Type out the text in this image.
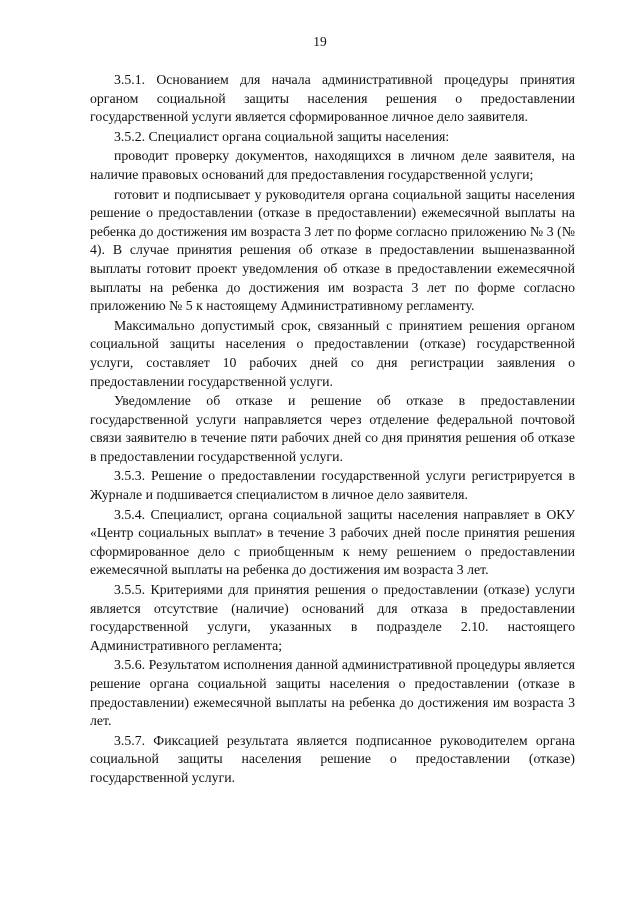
19

3.5.1. Основанием для начала административной процедуры принятия органом социальной защиты населения решения о предоставлении государственной услуги является сформированное личное дело заявителя.

3.5.2. Специалист органа социальной защиты населения:

проводит проверку документов, находящихся в личном деле заявителя, на наличие правовых оснований для предоставления государственной услуги;

готовит и подписывает у руководителя органа социальной защиты населения решение о предоставлении (отказе в предоставлении) ежемесячной выплаты на ребенка до достижения им возраста 3 лет по форме согласно приложению № 3 (№ 4). В случае принятия решения об отказе в предоставлении вышеназванной выплаты готовит проект уведомления об отказе в предоставлении ежемесячной выплаты на ребенка до достижения им возраста 3 лет по форме согласно приложению № 5 к настоящему Административному регламенту.

Максимально допустимый срок, связанный с принятием решения органом социальной защиты населения о предоставлении (отказе) государственной услуги, составляет 10 рабочих дней со дня регистрации заявления о предоставлении государственной услуги.

Уведомление об отказе и решение об отказе в предоставлении государственной услуги направляется через отделение федеральной почтовой связи заявителю в течение пяти рабочих дней со дня принятия решения об отказе в предоставлении государственной услуги.

3.5.3. Решение о предоставлении государственной услуги регистрируется в Журнале и подшивается специалистом в личное дело заявителя.

3.5.4. Специалист, органа социальной защиты населения направляет в ОКУ «Центр социальных выплат» в течение 3 рабочих дней после принятия решения сформированное дело с приобщенным к нему решением о предоставлении ежемесячной выплаты на ребенка до достижения им возраста 3 лет.

3.5.5. Критериями для принятия решения о предоставлении (отказе) услуги является отсутствие (наличие) оснований для отказа в предоставлении государственной услуги, указанных в подразделе 2.10. настоящего Административного регламента;

3.5.6. Результатом исполнения данной административной процедуры является решение органа социальной защиты населения о предоставлении (отказе в предоставлении) ежемесячной выплаты на ребенка до достижения им возраста 3 лет.

3.5.7. Фиксацией результата является подписанное руководителем органа социальной защиты населения решение о предоставлении (отказе) государственной услуги.
